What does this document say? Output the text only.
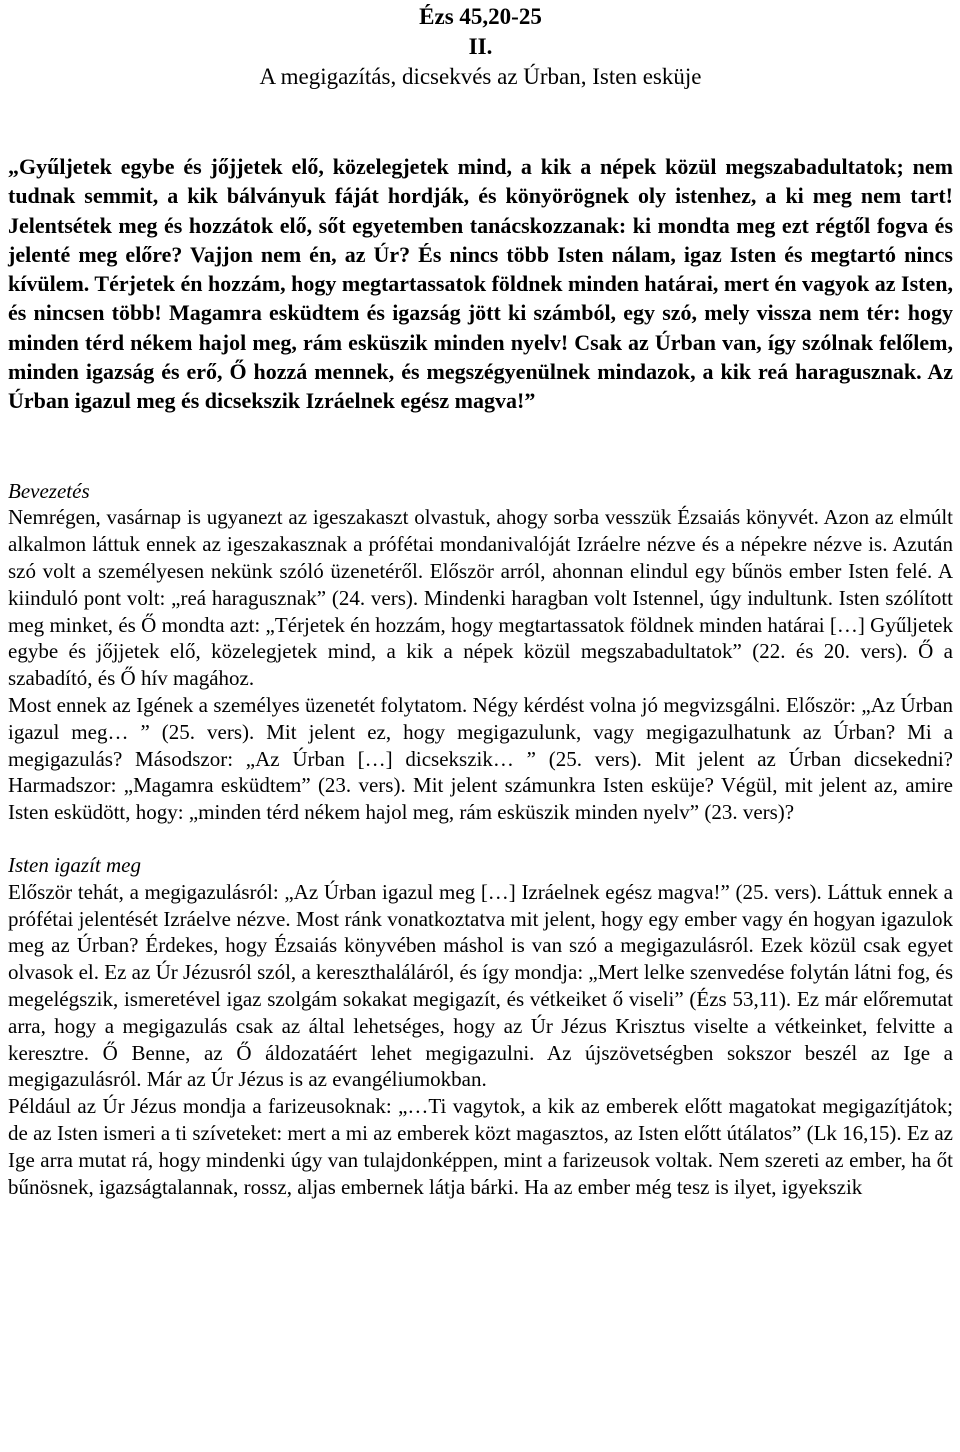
Ézs 45,20-25
II.
A megigazítás, dicsekvés az Úrban, Isten esküje

„Gyűljetek egybe és jőjjetek elő, közelegjetek mind, a kik a népek közül megszabadultatok; nem tudnak semmit, a kik bálványuk fáját hordják, és könyörögnek oly istenhez, a ki meg nem tart! Jelentsétek meg és hozzátok elő, sőt egyetemben tanácskozzanak: ki mondta meg ezt régtől fogva és jelenté meg előre? Vajjon nem én, az Úr? És nincs több Isten nálam, igaz Isten és megtartó nincs kívülem. Térjetek én hozzám, hogy megtartassatok földnek minden határai, mert én vagyok az Isten, és nincsen több! Magamra esküdtem és igazság jött ki számból, egy szó, mely vissza nem tér: hogy minden térd nékem hajol meg, rám esküszik minden nyelv! Csak az Úrban van, így szólnak felőlem, minden igazság és erő, Ő hozzá mennek, és megszégyenülnek mindazok, a kik reá haragusznak. Az Úrban igazul meg és dicsekszik Izráelnek egész magva!”

Bevezetés

Nemrégen, vasárnap is ugyanezt az igeszakaszt olvastuk, ahogy sorba vesszük Ézsaiás könyvét. Azon az elmúlt alkalmon láttuk ennek az igeszakasznak a prófétai mondanivalóját Izráelre nézve és a népekre nézve is. Azután szó volt a személyesen nekünk szóló üzenetéről. Először arról, ahonnan elindul egy bűnös ember Isten felé. A kiinduló pont volt: „reá haragusznak” (24. vers). Mindenki haragban volt Istennel, úgy indultunk. Isten szólított meg minket, és Ő mondta azt: „Térjetek én hozzám, hogy megtartassatok földnek minden határai […] Gyűljetek egybe és jőjjetek elő, közelegjetek mind, a kik a népek közül megszabadultatok” (22. és 20. vers). Ő a szabadító, és Ő hív magához.

Most ennek az Igének a személyes üzenetét folytatom. Négy kérdést volna jó megvizsgálni. Először: „Az Úrban igazul meg… ” (25. vers). Mit jelent ez, hogy megigazulunk, vagy megigazulhatunk az Úrban? Mi a megigazulás? Másodszor: „Az Úrban […] dicsekszik… ” (25. vers). Mit jelent az Úrban dicsekedni? Harmadszor: „Magamra esküdtem” (23. vers). Mit jelent számunkra Isten esküje? Végül, mit jelent az, amire Isten esküdött, hogy: „minden térd nékem hajol meg, rám esküszik minden nyelv” (23. vers)?

Isten igazít meg

Először tehát, a megigazulásról: „Az Úrban igazul meg […] Izráelnek egész magva!” (25. vers). Láttuk ennek a prófétai jelentését Izráelve nézve. Most ránk vonatkoztatva mit jelent, hogy egy ember vagy én hogyan igazulok meg az Úrban? Érdekes, hogy Ézsaiás könyvében máshol is van szó a megigazulásról. Ezek közül csak egyet olvasok el. Ez az Úr Jézusról szól, a kereszthaláláról, és így mondja: „Mert lelke szenvedése folytán látni fog, és megelégszik, ismeretével igaz szolgám sokakat megigazít, és vétkeiket ő viseli” (Ézs 53,11). Ez már előremutat arra, hogy a megigazulás csak az által lehetséges, hogy az Úr Jézus Krisztus viselte a vétkeinket, felvitte a keresztre. Ő Benne, az Ő áldozatáért lehet megigazulni. Az újszövetségben sokszor beszél az Ige a megigazulásról. Már az Úr Jézus is az evangéliumokban.

Például az Úr Jézus mondja a farizeusoknak: „…Ti vagytok, a kik az emberek előtt magatokat megigazítjátok; de az Isten ismeri a ti szíveteket: mert a mi az emberek közt magasztos, az Isten előtt útálatos” (Lk 16,15). Ez az Ige arra mutat rá, hogy mindenki úgy van tulajdonképpen, mint a farizeusok voltak. Nem szereti az ember, ha őt bűnösnek, igazságtalannak, rossz, aljas embernek látja bárki. Ha az ember még tesz is ilyet, igyekszik
